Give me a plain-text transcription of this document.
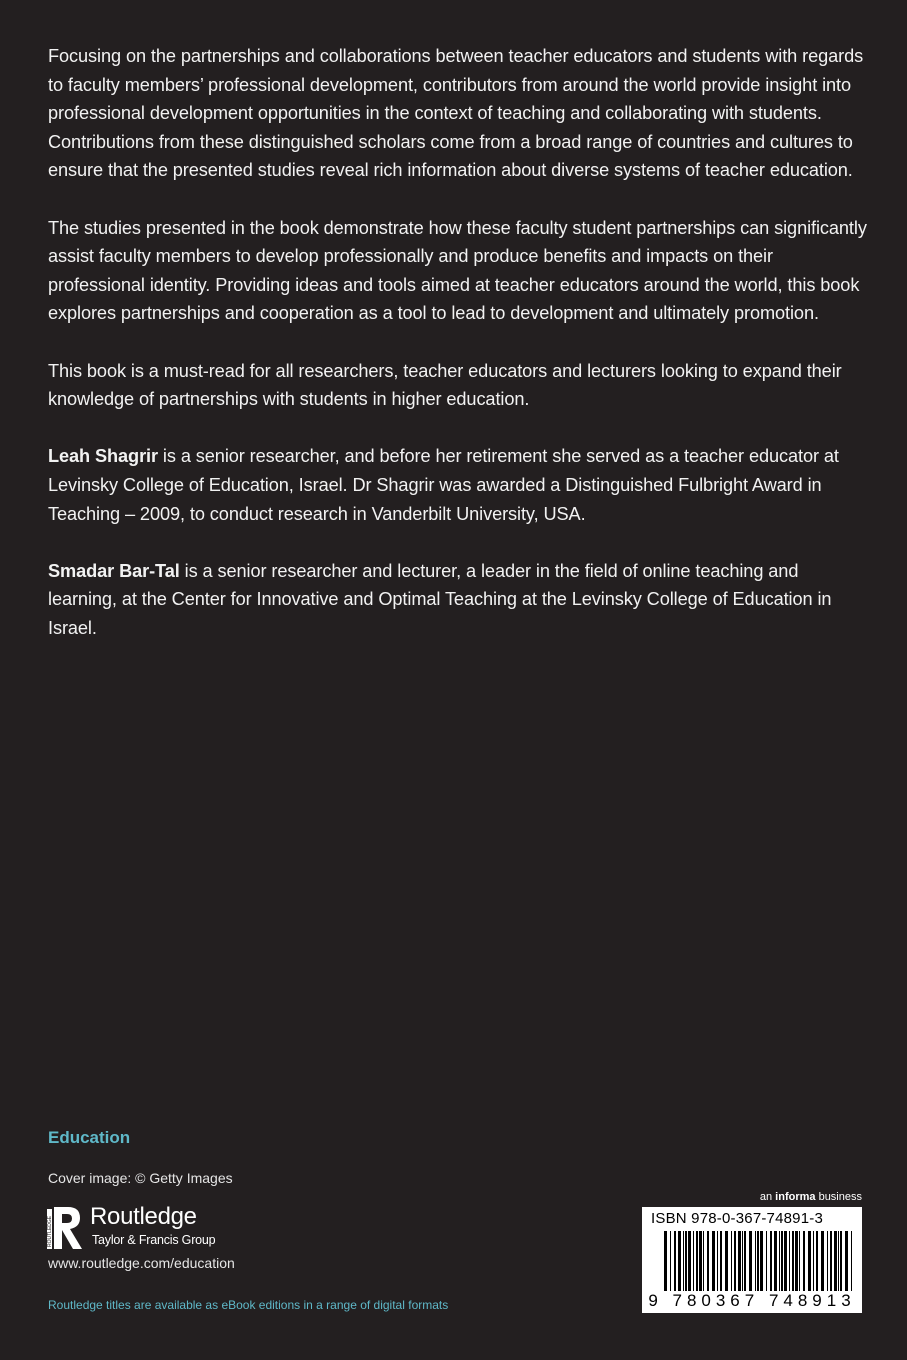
Focusing on the partnerships and collaborations between teacher educators and students with regards to faculty members’ professional development, contributors from around the world provide insight into professional development opportunities in the context of teaching and collaborating with students. Contributions from these distinguished scholars come from a broad range of countries and cultures to ensure that the presented studies reveal rich information about diverse systems of teacher education.

The studies presented in the book demonstrate how these faculty student partnerships can significantly assist faculty members to develop professionally and produce benefits and impacts on their professional identity. Providing ideas and tools aimed at teacher educators around the world, this book explores partnerships and cooperation as a tool to lead to development and ultimately promotion.

This book is a must-read for all researchers, teacher educators and lecturers looking to expand their knowledge of partnerships with students in higher education.

Leah Shagrir is a senior researcher, and before her retirement she served as a teacher educator at Levinsky College of Education, Israel. Dr Shagrir was awarded a Distinguished Fulbright Award in Teaching – 2009, to conduct research in Vanderbilt University, USA.

Smadar Bar-Tal is a senior researcher and lecturer, a leader in the field of online teaching and learning, at the Center for Innovative and Optimal Teaching at the Levinsky College of Education in Israel.

Education
Cover image: © Getty Images
ROUTLEDGE Routledge
Taylor & Francis Group
www.routledge.com/education
Routledge titles are available as eBook editions in a range of digital formats
an informa business
ISBN 978-0-367-74891-3
9 780367 748913
